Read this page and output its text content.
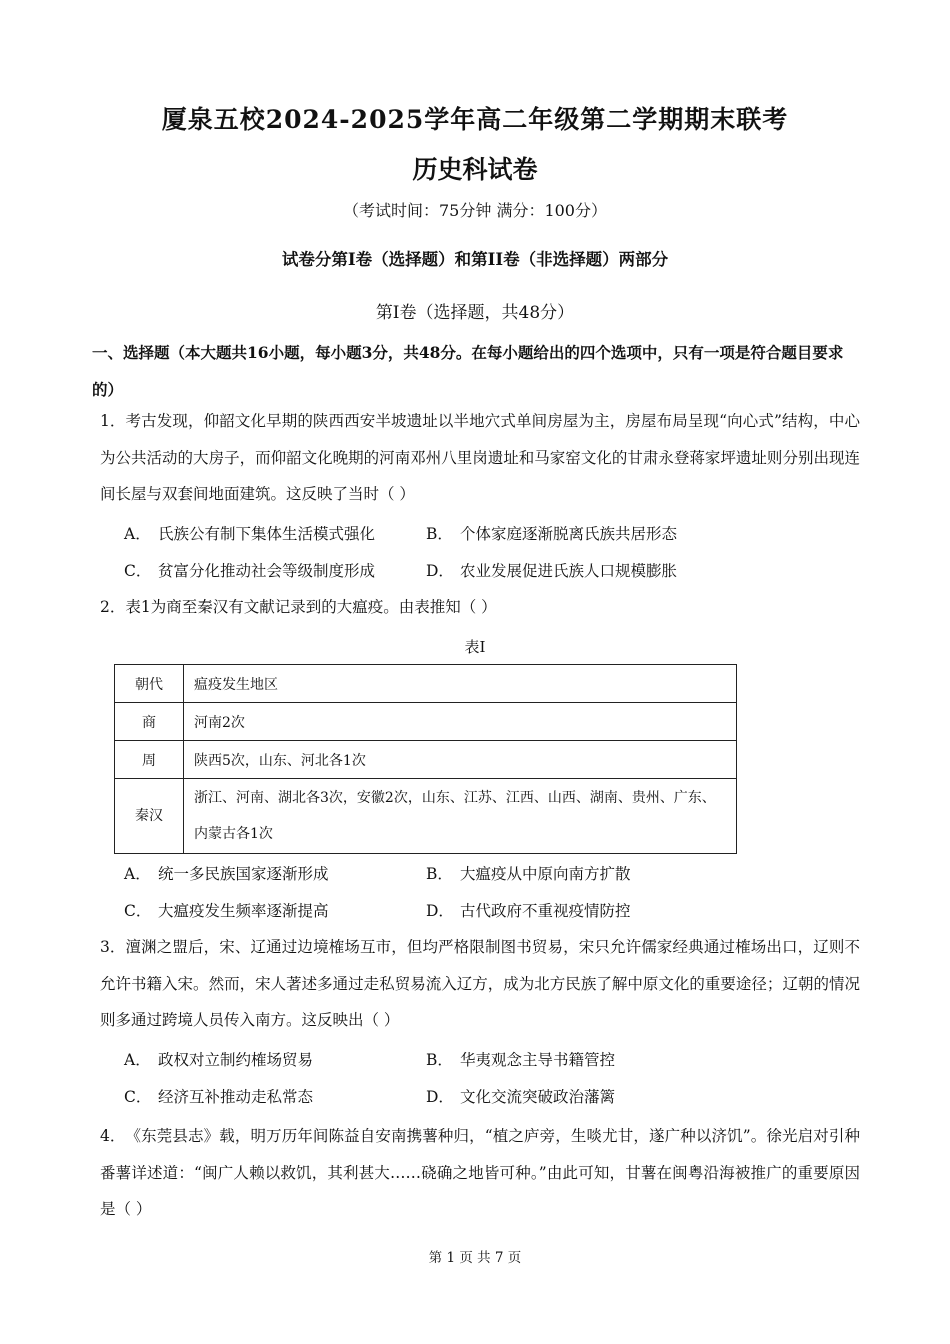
厦泉五校2024-2025学年高二年级第二学期期末联考
历史科试卷
（考试时间：75分钟 满分：100分）
试卷分第I卷（选择题）和第II卷（非选择题）两部分
第I卷（选择题，共48分）
一、选择题（本大题共16小题，每小题3分，共48分。在每小题给出的四个选项中，只有一项是符合题目要求的）
1．考古发现，仰韶文化早期的陕西西安半坡遗址以半地穴式单间房屋为主，房屋布局呈现“向心式”结构，中心为公共活动的大房子，而仰韶文化晚期的河南邓州八里岗遗址和马家窑文化的甘肃永登蒋家坪遗址则分别出现连间长屋与双套间地面建筑。这反映了当时（ ）
A． 氏族公有制下集体生活模式强化	B． 个体家庭逐渐脱离氏族共居形态
C． 贫富分化推动社会等级制度形成	D． 农业发展促进氏族人口规模膨胀
2．表1为商至秦汉有文献记录到的大瘟疫。由表推知（ ）
表I
朝代	瘟疫发生地区
商	河南2次
周	陕西5次，山东、河北各1次
秦汉	浙江、河南、湖北各3次，安徽2次，山东、江苏、江西、山西、湖南、贵州、广东、内蒙古各1次
A． 统一多民族国家逐渐形成	B． 大瘟疫从中原向南方扩散
C． 大瘟疫发生频率逐渐提高	D． 古代政府不重视疫情防控
3．澶渊之盟后，宋、辽通过边境榷场互市，但均严格限制图书贸易，宋只允许儒家经典通过榷场出口，辽则不允许书籍入宋。然而，宋人著述多通过走私贸易流入辽方，成为北方民族了解中原文化的重要途径；辽朝的情况则多通过跨境人员传入南方。这反映出（ ）
A． 政权对立制约榷场贸易	B． 华夷观念主导书籍管控
C． 经济互补推动走私常态	D． 文化交流突破政治藩篱
4．《东莞县志》载，明万历年间陈益自安南携薯种归，“植之庐旁，生啖尤甘，遂广种以济饥”。徐光启对引种番薯详述道：“闽广人赖以救饥，其利甚大……硗确之地皆可种。”由此可知，甘薯在闽粤沿海被推广的重要原因是（ ）
第 1 页 共 7 页
